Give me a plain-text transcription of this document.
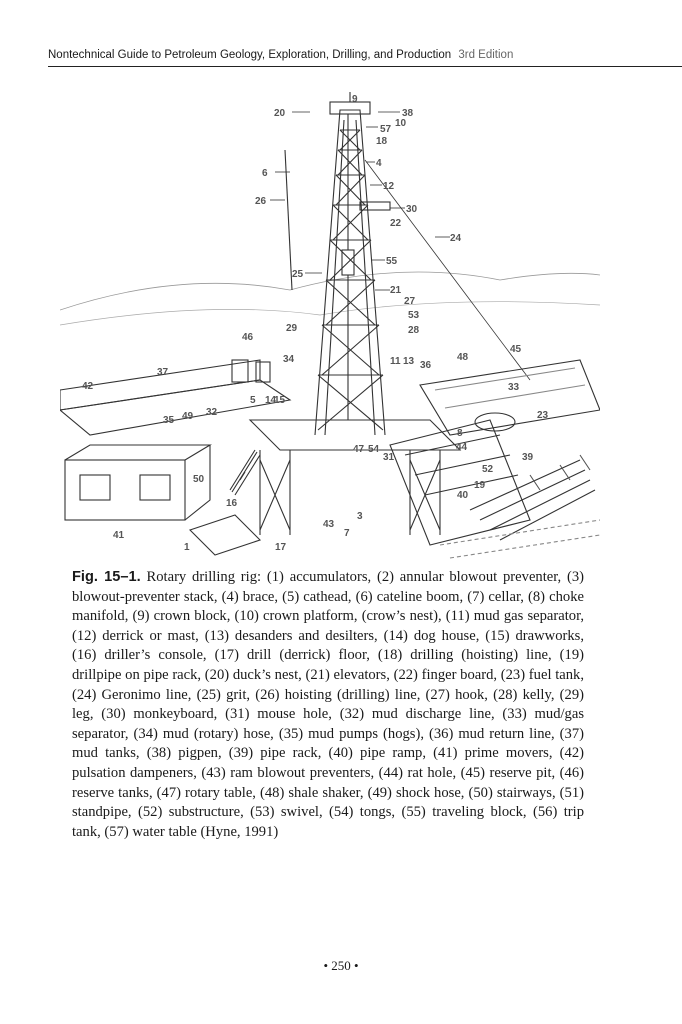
Nontechnical Guide to Petroleum Geology, Exploration, Drilling, and Production 3rd Edition
20
9
38
57
10
18
6
4
12
26
30
22
24
55
25
21
27
53
29	28
46
34	11 13 36
48
45
42
37
33
5 14
15
35 49 32	23
47 54
8
44
31	39
52
50
19
40
16
3
43
7
41
1	17
Fig. 15–1. Rotary drilling rig: (1) accumulators, (2) annular blowout preventer, (3) blowout-preventer stack, (4) brace, (5) cathead, (6) cateline boom, (7) cellar, (8) choke manifold, (9) crown block, (10) crown platform, (crow’s nest), (11) mud gas separator, (12) derrick or mast, (13) desanders and desilters, (14) dog house, (15) drawworks, (16) driller’s console, (17) drill (derrick) floor, (18) drilling (hoisting) line, (19) drillpipe on pipe rack, (20) duck’s nest, (21) elevators, (22) finger board, (23) fuel tank, (24) Geronimo line, (25) grit, (26) hoisting (drilling) line, (27) hook, (28) kelly, (29) leg, (30) monkeyboard, (31) mouse hole, (32) mud discharge line, (33) mud/gas separator, (34) mud (rotary) hose, (35) mud pumps (hogs), (36) mud return line, (37) mud tanks, (38) pigpen, (39) pipe rack, (40) pipe ramp, (41) prime movers, (42) pulsation dampeners, (43) ram blowout preventers, (44) rat hole, (45) reserve pit, (46) reserve tanks, (47) rotary table, (48) shale shaker, (49) shock hose, (50) stairways, (51) standpipe, (52) substructure, (53) swivel, (54) tongs, (55) traveling block, (56) trip tank, (57) water table (Hyne, 1991)
• 250 •
